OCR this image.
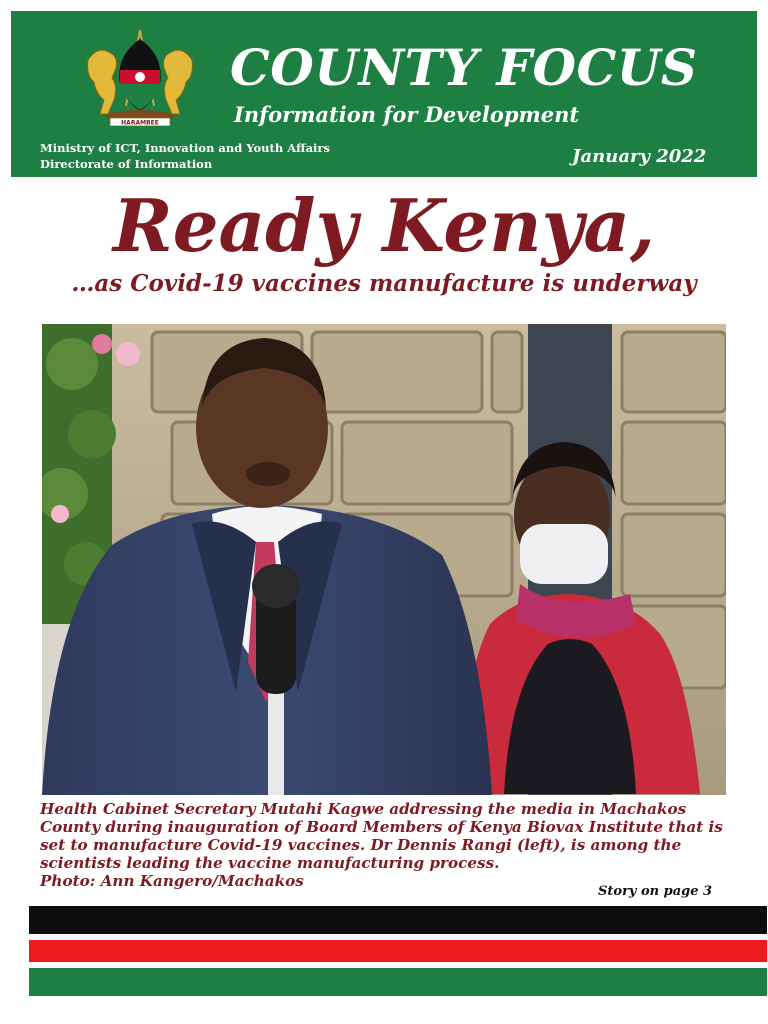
HARAMBEE
COUNTY FOCUS
Information for Development
Ministry of ICT, Innovation and Youth Affairs
Directorate of Information	January 2022
Ready Kenya,
…as Covid-19 vaccines manufacture is underway

Health Cabinet Secretary Mutahi Kagwe addressing the media in Machakos County during inauguration of Board Members of Kenya Biovax Institute that is set to manufacture Covid-19 vaccines. Dr Dennis Rangi (left), is among the scientists leading the vaccine manufacturing process.
Photo: Ann Kangero/Machakos

Story on page 3
